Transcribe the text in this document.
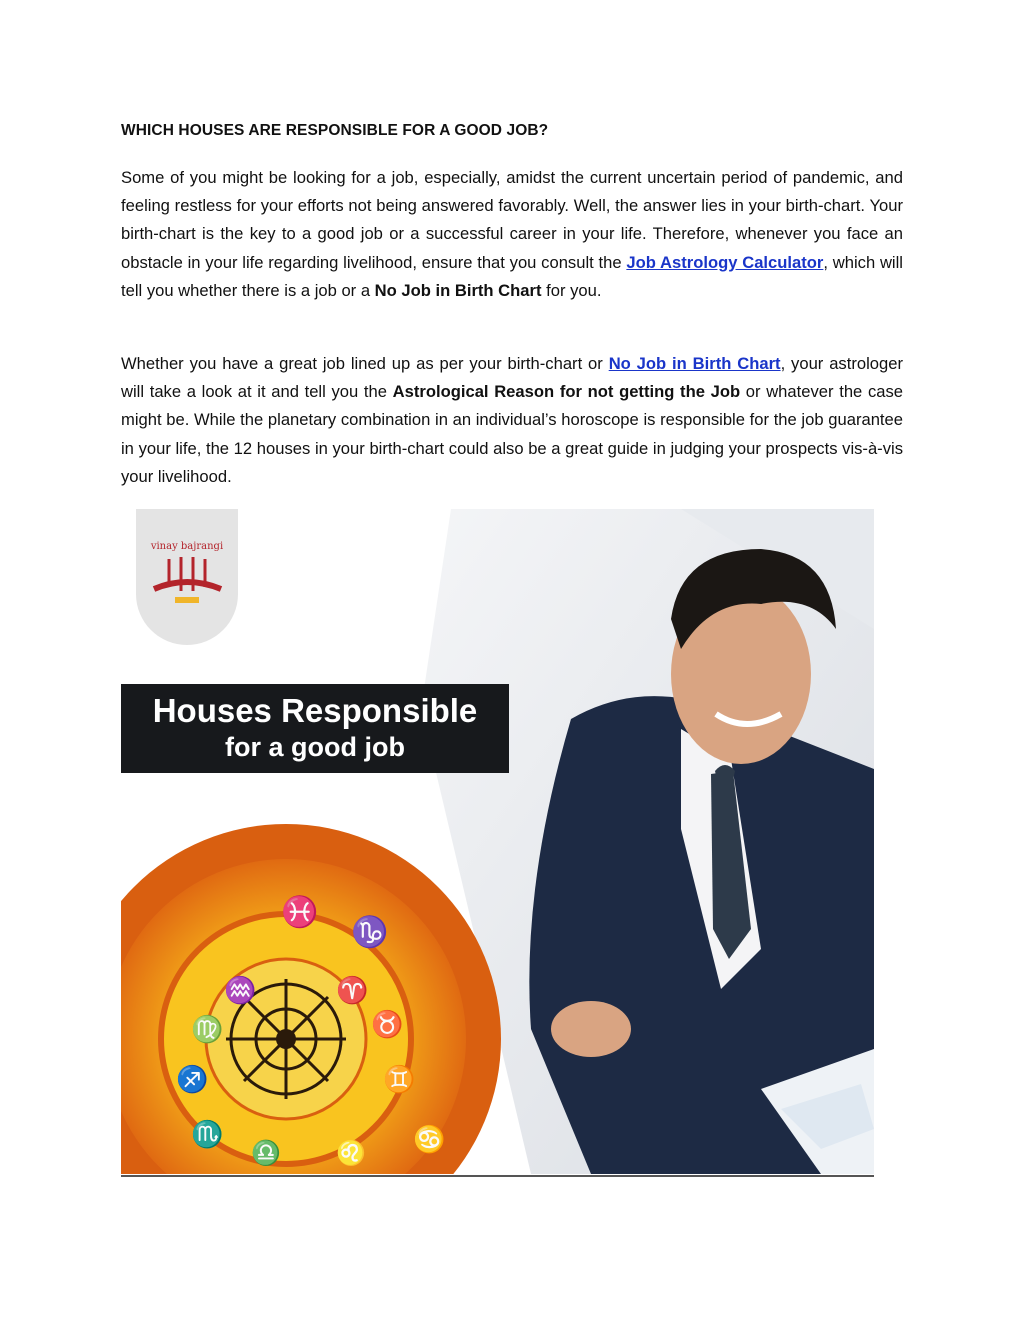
WHICH HOUSES ARE RESPONSIBLE FOR A GOOD JOB?
Some of you might be looking for a job, especially, amidst the current uncertain period of pandemic, and feeling restless for your efforts not being answered favorably. Well, the answer lies in your birth-chart. Your birth-chart is the key to a good job or a successful career in your life. Therefore, whenever you face an obstacle in your life regarding livelihood, ensure that you consult the Job Astrology Calculator, which will tell you whether there is a job or a No Job in Birth Chart for you.
Whether you have a great job lined up as per your birth-chart or No Job in Birth Chart, your astrologer will take a look at it and tell you the Astrological Reason for not getting the Job or whatever the case might be. While the planetary combination in an individual’s horoscope is responsible for the job guarantee in your life, the 12 houses in your birth-chart could also be a great guide in judging your prospects vis-à-vis your livelihood.
vinay bajrangi
♓
♒	♈
♑
♉
♐	♊
♏	♋
♎ ♌
♍
Houses Responsible
for a good job
